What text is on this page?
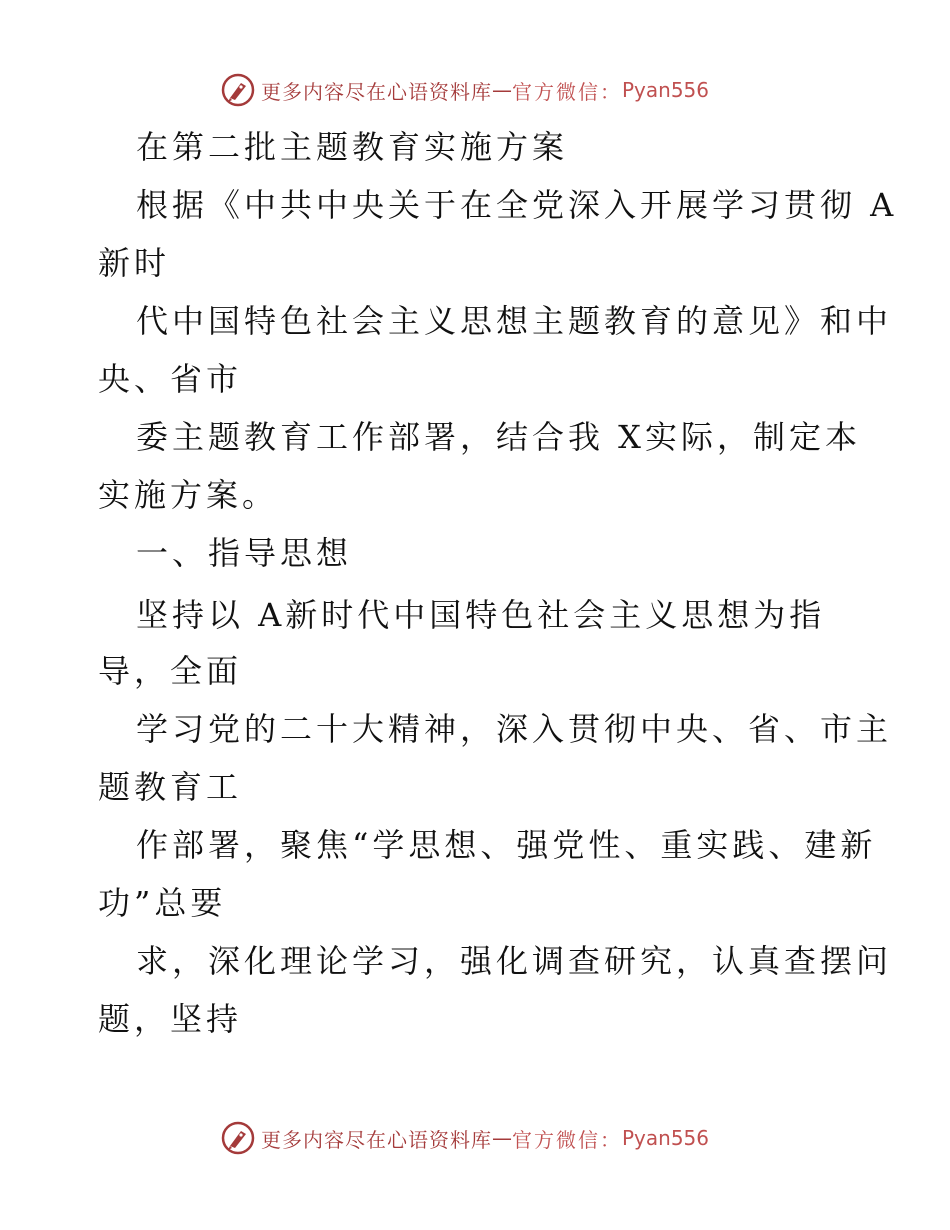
更多内容尽在心语资料库 — 官方微信： Pyan556
在第二批主题教育实施方案
根据《中共中央关于在全党深入开展学习贯彻 A
新时
代中国特色社会主义思想主题教育的意见》和中
央、省市
委主题教育工作部署，结合我 X实际，制定本
实施方案。
一、指导思想
坚持以 A新时代中国特色社会主义思想为指
导，全面
学习党的二十大精神，深入贯彻中央、省、市主
题教育工
作部署，聚焦“学思想、强党性、重实践、建新
功”总要
求，深化理论学习，强化调查研究，认真查摆问
题，坚持
更多内容尽在心语资料库 — 官方微信： Pyan556
